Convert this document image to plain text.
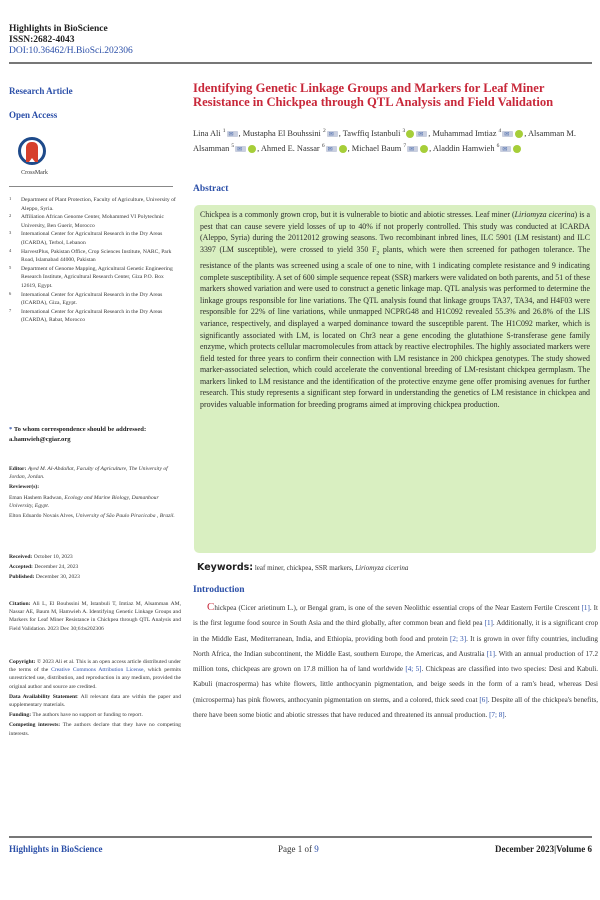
Highlights in BioScience
ISSN:2682-4043
DOI:10.36462/H.BioSci.202306
Research Article
Open Access
CrossMark
1 Department of Plant Protection, Faculty of Agriculture, University of Aleppo, Syria.
2 Affiliation African Genome Center, Mohammed VI Polytechnic University, Ben Guerir, Morocco
3 International Center for Agricultural Research in the Dry Areas (ICARDA), Terbol, Lebanon
4 HarvestPlus, Pakistan Office, Crop Sciences Institute, NARC, Park Road, Islamabad 44000, Pakistan
5 Department of Genome Mapping, Agricultural Genetic Engineering Research Institute, Agricultural Research Center, Giza P.O. Box 12619, Egypt.
6 International Center for Agricultural Research in the Dry Areas (ICARDA), Giza, Egypt.
7 International Center for Agricultural Research in the Dry Areas (ICARDA), Rabat, Morocco
* To whom correspondence should be addressed: a.hamwieh@cgiar.org

Editor: Ayed M. Al-Abdallat, Faculty of Agriculture, The University of Jordan, Jordan.

Reviewer(s):

Eman Hashem Radwan, Ecology and Marine Biology, Damanhour University, Egypt.

Elton Eduardo Novais Alves, University of São Paulo Piracicaba , Brazil.

Received: October 10, 2023

Accepted: December 24, 2023

Published: December 30, 2023

Citation: Ali L, El Bouhssini M, Istanbuli T, Imtiaz M, Alsamman AM, Nassar AE, Baum M, Hamwieh A. Identifying Genetic Linkage Groups and Markers for Leaf Miner Resistance in Chickpea through QTL Analysis and Field Validation. 2023 Dec 30;6:bs202306

Copyright: © 2023 Ali et al. This is an open access article distributed under the terms of the Creative Commons Attribution License, which permits unrestricted use, distribution, and reproduction in any medium, provided the original author and source are credited.

Data Availability Statement: All relevant data are within the paper and supplementary materials.

Funding: The authors have no support or funding to report.

Competing interests: The authors declare that they have no competing interests.

Identifying Genetic Linkage Groups and Markers for Leaf Miner Resistance in Chickpea through QTL Analysis and Field Validation
Lina Ali $^1$ ✉ , Mustapha El Bouhssini $^2$ ✉ , Tawffiq Istanbuli $^3$ ✉	, Muhammad Imtiaz $^4$✉	, Alsamman M. Alsamman $^5$ ✉	, Ahmed E. Nassar $^6$ ✉	, Michael Baum $^7$ ✉	, Aladdin Hamwieh $^6$✉
Abstract
Chickpea is a commonly grown crop, but it is vulnerable to biotic and abiotic stresses. Leaf miner (Liriomyza cicerina) is a pest that can cause severe yield losses of up to 40% if not properly controlled. This study was conducted at ICARDA (Aleppo, Syria) during the 20112012 growing seasons. Two recombinant inbred lines, ILC 5901 (LM resistant) and ILC 3397 (LM susceptible), were crossed to yield 350 $F_2$ plants, which were then screened for pathogen tolerance. The resistance of the plants was screened using a scale of one to nine, with 1 indicating complete resistance and 9 indicating complete susceptibility. A set of 600 simple sequence repeat (SSR) markers were validated on both parents, and 51 of these markers showed variation and were used to construct a genetic linkage map. QTL analysis was performed to determine the linkage groups responsible for line variations. The QTL analysis found that linkage groups TA37, TA34, and H4F03 were responsible for 22% of line variations, while unmapped NCPRG48 and H1C092 revealed 55.3% and 26.8% of the LIS variance, respectively, and displayed a warped dominance toward the susceptible parent. The H1C092 marker, which is significantly associated with LM, is located on Chr3 near a gene encoding the glutathione S-transferase gene family enzyme, which protects cellular macromolecules from attack by reactive electrophiles. The highly associated markers were field tested for three years to confirm their connection with LM resistance in 200 chickpea genotypes. The study showed marker-associated selection, which could accelerate the conventional breeding of LM-resistant chickpea germplasm. The markers linked to LM resistance and the identification of the protective enzyme gene offer promising avenues for further research. This study represents a significant step forward in understanding the genetics of LM resistance in chickpea and provides valuable information for breeding programs aimed at improving chickpea production.
Keywords: leaf miner, chickpea, SSR markers, Liriomyza cicerina
Introduction
Chickpea (Cicer arietinum L.), or Bengal gram, is one of the seven Neolithic essential crops of the Near Eastern Fertile Crescent [1]. It is the first legume food source in South Asia and the third globally, after common bean and field pea [1]. Additionally, it is a significant crop in the Middle East, Mediterranean, India, and Ethiopia, providing both food and protein [2; 3]. It is grown in over fifty countries, including North Africa, the Indian subcontinent, the Middle East, southern Europe, the Americas, and Australia [1]. With an annual production of 17.2 million tons, chickpeas are grown on 17.8 million ha of land worldwide [4; 5]. Chickpeas are classified into two species: Desi and Kabuli. Kabuli (macrosperma) has white flowers, little anthocyanin pigmentation, and beige seeds in the form of a ram's head, whereas Desi (microsperma) has pink flowers, anthocyanin pigmentation on stems, and a colored, thick seed coat [6]. Despite all of the chickpea's benefits, there have been some biotic and abiotic stresses that have reduced and threatened its annual production. [7; 8].
Highlights in BioScience	Page 1 of 9	December 2023|Volume 6
